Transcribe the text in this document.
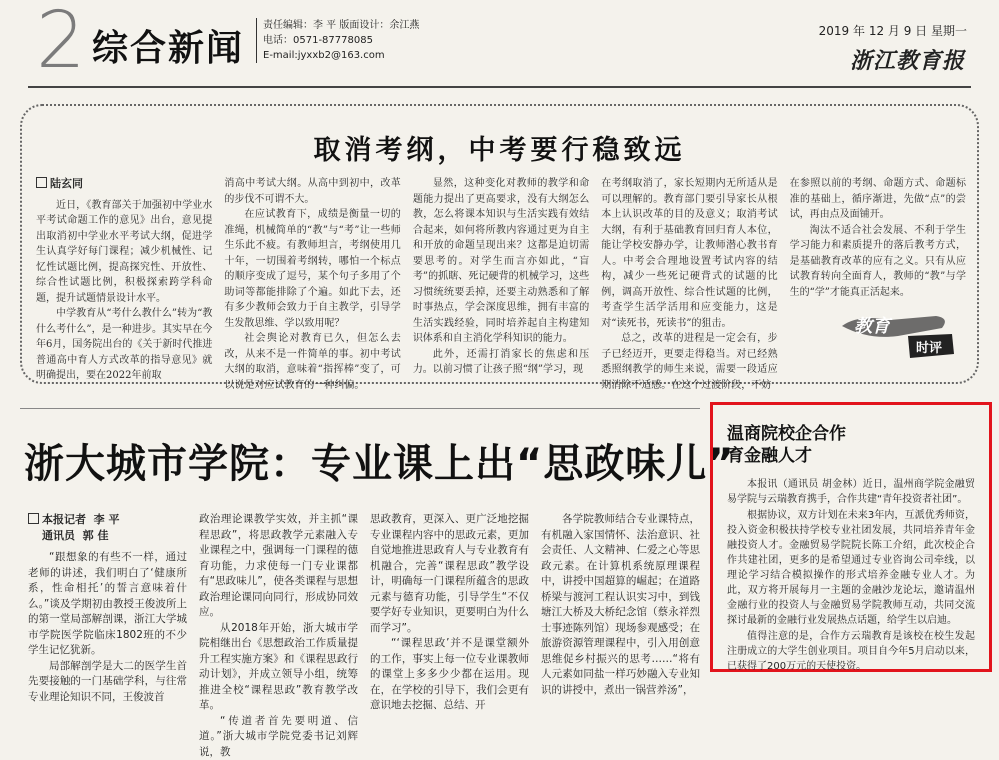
2 综合新闻
责任编辑：李 平 版面设计：余江燕
电话：0571-87778085
E-mail:jyxxb2@163.com
2019 年 12 月 9 日 星期一
浙江教育报
取消考纲，中考要行稳致远
陆玄同

近日，《教育部关于加强初中学业水平考试命题工作的意见》出台，意见提出取消初中学业水平考试大纲，促进学生认真学好每门课程；减少机械性、记忆性试题比例，提高探究性、开放性、综合性试题比例，积极探索跨学科命题，提升试题情景设计水平。

中学教育从“考什么教什么”转为“教什么考什么”，是一种进步。其实早在今年6月，国务院出台的《关于新时代推进普通高中育人方式改革的指导意见》就明确提出，要在2022年前取

消高中考试大纲。从高中到初中，改革的步伐不可谓不大。

在应试教育下，成绩是衡量一切的准绳，机械简单的“教”与“考”让一些师生乐此不疲。有教师坦言，考纲使用几十年，一切围着考纲转，哪怕一个标点的顺序变成了逗号，某个句子多用了个助词等都能排除了个遍。如此下去，还有多少教师会致力于自主教学，引导学生发散思维、学以致用呢？

社会舆论对教育已久，但怎么去改，从来不是一件简单的事。初中考试大纲的取消，意味着“指挥棒”变了，可以说是对应试教育的一种纠偏。

显然，这种变化对教师的教学和命题能力提出了更高要求，没有大纲怎么教，怎么将课本知识与生活实践有效结合起来，如何将所教内容通过更为自主和开放的命题呈现出来？这都是迫切需要思考的。对学生而言亦如此，“盲考”的抓瞎、死记硬背的机械学习，这些习惯统统要丢掉，还要主动熟悉和了解时事热点，学会深度思维，拥有丰富的生活实践经验，同时培养起自主构建知识体系和自主消化学科知识的能力。

此外，还需打消家长的焦虑和压力。以前习惯了让孩子照“纲”学习，现

在考纲取消了，家长短期内无所适从是可以理解的。教育部门要引导家长从根本上认识改革的目的及意义；取消考试大纲，有利于基础教育回归育人本位，能让学校安静办学，让教师潜心教书育人。中考会合理地设置考试内容的结构，减少一些死记硬背式的试题的比例，调高开放性、综合性试题的比例，考查学生活学活用和应变能力，这是对“读死书，死读书”的狙击。

总之，改革的进程是一定会有，步子已经迈开，更要走得稳当。对已经熟悉照纲教学的师生来说，需要一段适应期消除不适感。在这个过渡阶段，不妨

在参照以前的考纲、命题方式、命题标准的基础上，循序渐进，先做“点”的尝试，再由点及面铺开。

淘汰不适合社会发展、不利于学生学习能力和素质提升的落后教考方式，是基础教育改革的应有之义。只有从应试教育转向全面育人，教师的“教”与学生的“学”才能真正活起来。

教育
时评
浙大城市学院：专业课上出“思政味儿”
本报记者 李 平
通讯员 郭 佳

“跟想象的有些不一样，通过老师的讲述，我们明白了‘健康所系，性命相托’的誓言意味着什么。”谈及学期初由教授王俊波所上的第一堂局部解剖课，浙江大学城市学院医学院临床1802班的不少学生记忆犹新。

局部解剖学是大二的医学生首先要接触的一门基础学科，与往常专业理论知识不同，王俊波首

政治理论课教学实效，并主抓“课程思政”，将思政教学元素融入专业课程之中，强调每一门课程的德育功能，力求使每一门专业课都有“思政味儿”，使各类课程与思想政治理论课同向同行，形成协同效应。

从2018年开始，浙大城市学院相继出台《思想政治工作质量提升工程实施方案》和《课程思政行动计划》，并成立领导小组，统筹推进全校“课程思政”教育教学改革。

“传道者首先要明道、信道。”浙大城市学院党委书记刘辉说，教

思政教育，更深入、更广泛地挖掘专业课程内容中的思政元素，更加自觉地推进思政育人与专业教育有机融合，完善“课程思政”教学设计，明确每一门课程所蕴含的思政元素与德育功能，引导学生“不仅要学好专业知识，更要明白为什么而学习”。

“‘课程思政’并不是课堂额外的工作，事实上每一位专业课教师的课堂上多多少少都在运用。现在，在学校的引导下，我们会更有意识地去挖掘、总结、开

各学院教师结合专业课特点，有机融入家国情怀、法治意识、社会责任、人文精神、仁爱之心等思政元素。在计算机系统原理课程中，讲授中国超算的崛起；在道路桥梁与渡河工程认识实习中，到钱塘江大桥及大桥纪念馆（蔡永祥烈士事迹陈列馆）现场参观感受；在旅游资源管理课程中，引入用创意思维促乡村振兴的思考……“将有人元素如同盐一样巧妙融入专业知识的讲授中，煮出一锅营养汤”，

温商院校企合作
育金融人才

本报讯（通讯员 胡金林）近日，温州商学院金融贸易学院与云瑞教育携手，合作共建“青年投资者社团”。

根据协议，双方计划在未来3年内，互派优秀师资，投入资金积极扶持学校专业社团发展，共同培养青年金融投资人才。金融贸易学院院长陈工介绍，此次校企合作共建社团，更多的是希望通过专业咨询公司牵线，以理论学习结合模拟操作的形式培养金融专业人才。为此，双方将开展每月一主题的金融沙龙论坛，邀请温州金融行业的投资人与金融贸易学院教师互动，共同交流探讨最新的金融行业发展热点话题，给学生以启迪。

值得注意的是，合作方云瑞教育是该校在校生发起注册成立的大学生创业项目。项目自今年5月启动以来，已获得了200万元的天使投资。
